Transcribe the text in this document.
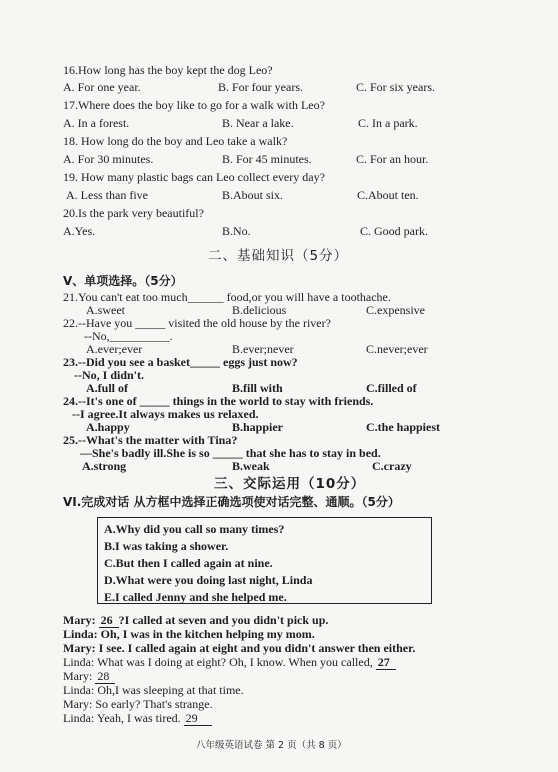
16.How long has the boy kept the dog Leo?
A. For one year.	B. For four years.	C. For six years.
17.Where does the boy like to go for a walk with Leo?
A. In a forest.	B. Near a lake.	C. In a park.
18. How long do the boy and Leo take a walk?
A. For 30 minutes.	B. For 45 minutes.	C. For an hour.
19. How many plastic bags can Leo collect every day?
A. Less than five	B.About six.	C.About ten.
20.Is the park very beautiful?
A.Yes.	B.No.	C. Good park.
二、基础知识（5分）
V、单项选择。（5分）
21.You can't eat too much______ food,or you will have a toothache.
A.sweet	B.delicious	C.expensive
22.--Have you _____ visited the old house by the river?
--No,__________.
A.ever;ever	B.ever;never	C.never;ever
23.--Did you see a basket_____ eggs just now?
--No, I didn't.
A.full of	B.fill with	C.filled of
24.--It's one of _____ things in the world to stay with friends.
--I agree.It always makes us relaxed.
A.happy	B.happier	C.the happiest
25.--What's the matter with Tina?
—She's badly ill.She is so _____ that she has to stay in bed.
A.strong	B.weak	C.crazy
三、交际运用（10分）
VI.完成对话 从方框中选择正确选项使对话完整、通顺。（5分）
A.Why did you call so many times?
B.I was taking a shower.
C.But then I called again at nine.
D.What were you doing last night, Linda
E.I called Jenny and she helped me.
Mary: 26 ?I called at seven and you didn't pick up.
Linda: Oh, I was in the kitchen helping my mom.
Mary: I see. I called again at eight and you didn't answer then either.
Linda: What was I doing at eight? Oh, I know. When you called, 27
Mary: 28
Linda: Oh,I was sleeping at that time.
Mary: So early? That's strange.
Linda: Yeah, I was tired. 29
八年级英语试卷 第 2 页（共 8 页）
